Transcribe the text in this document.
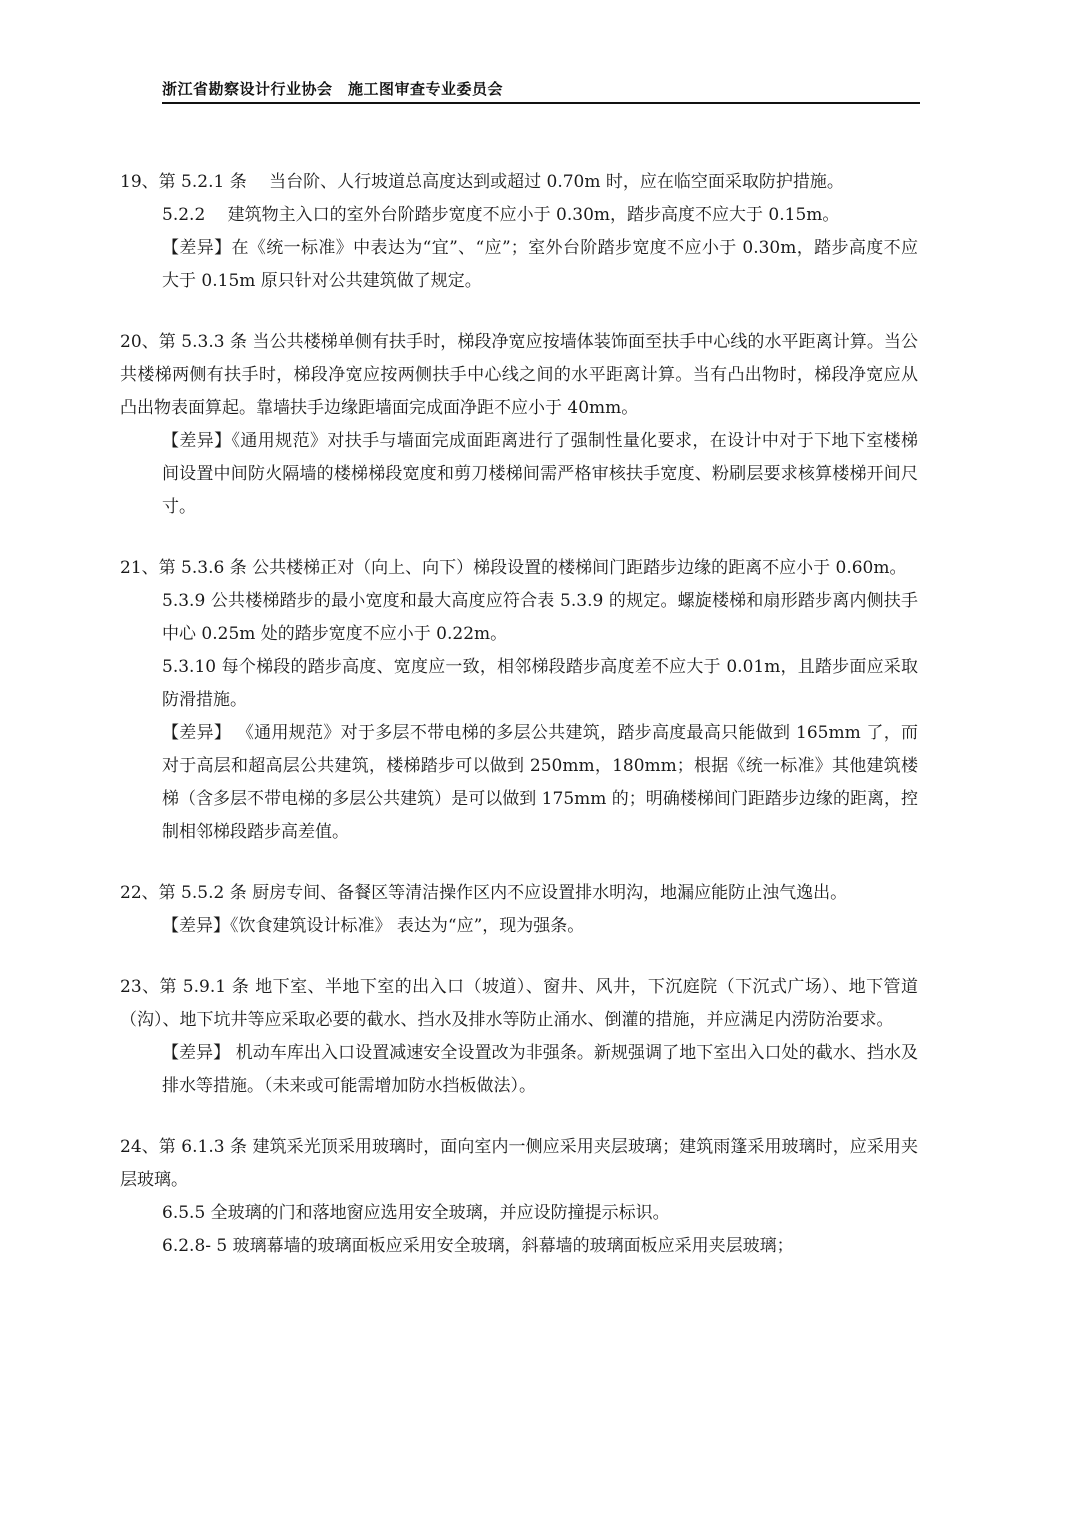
浙江省勘察设计行业协会　施工图审查专业委员会

19、第 5.2.1 条　 当台阶、人行坡道总高度达到或超过 0.70m 时，应在临空面采取防护措施。

5.2.2　 建筑物主入口的室外台阶踏步宽度不应小于 0.30m，踏步高度不应大于 0.15m。

【差异】在《统一标准》中表达为“宜”、“应”；室外台阶踏步宽度不应小于 0.30m，踏步高度不应大于 0.15m 原只针对公共建筑做了规定。

20、第 5.3.3 条 当公共楼梯单侧有扶手时，梯段净宽应按墙体装饰面至扶手中心线的水平距离计算。当公共楼梯两侧有扶手时，梯段净宽应按两侧扶手中心线之间的水平距离计算。当有凸出物时，梯段净宽应从凸出物表面算起。靠墙扶手边缘距墙面完成面净距不应小于 40mm。

【差异】《通用规范》对扶手与墙面完成面距离进行了强制性量化要求，在设计中对于下地下室楼梯间设置中间防火隔墙的楼梯梯段宽度和剪刀楼梯间需严格审核扶手宽度、粉刷层要求核算楼梯开间尺寸。

21、第 5.3.6 条 公共楼梯正对（向上、向下）梯段设置的楼梯间门距踏步边缘的距离不应小于 0.60m。

5.3.9 公共楼梯踏步的最小宽度和最大高度应符合表 5.3.9 的规定。螺旋楼梯和扇形踏步离内侧扶手中心 0.25m 处的踏步宽度不应小于 0.22m。

5.3.10 每个梯段的踏步高度、宽度应一致，相邻梯段踏步高度差不应大于 0.01m，且踏步面应采取防滑措施。

【差异】 《通用规范》对于多层不带电梯的多层公共建筑，踏步高度最高只能做到 165mm 了，而对于高层和超高层公共建筑，楼梯踏步可以做到 250mm，180mm；根据《统一标准》其他建筑楼梯（含多层不带电梯的多层公共建筑）是可以做到 175mm 的；明确楼梯间门距踏步边缘的距离，控制相邻梯段踏步高差值。

22、第 5.5.2 条 厨房专间、备餐区等清洁操作区内不应设置排水明沟，地漏应能防止浊气逸出。

【差异】《饮食建筑设计标准》 表达为“应”，现为强条。

23、第 5.9.1 条 地下室、半地下室的出入口（坡道）、窗井、风井，下沉庭院（下沉式广场）、地下管道（沟）、地下坑井等应采取必要的截水、挡水及排水等防止涌水、倒灌的措施，并应满足内涝防治要求。

【差异】 机动车库出入口设置减速安全设置改为非强条。新规强调了地下室出入口处的截水、挡水及排水等措施。（未来或可能需增加防水挡板做法）。

24、第 6.1.3 条 建筑采光顶采用玻璃时，面向室内一侧应采用夹层玻璃；建筑雨篷采用玻璃时，应采用夹层玻璃。

6.5.5 全玻璃的门和落地窗应选用安全玻璃，并应设防撞提示标识。

6.2.8- 5 玻璃幕墙的玻璃面板应采用安全玻璃，斜幕墙的玻璃面板应采用夹层玻璃；
